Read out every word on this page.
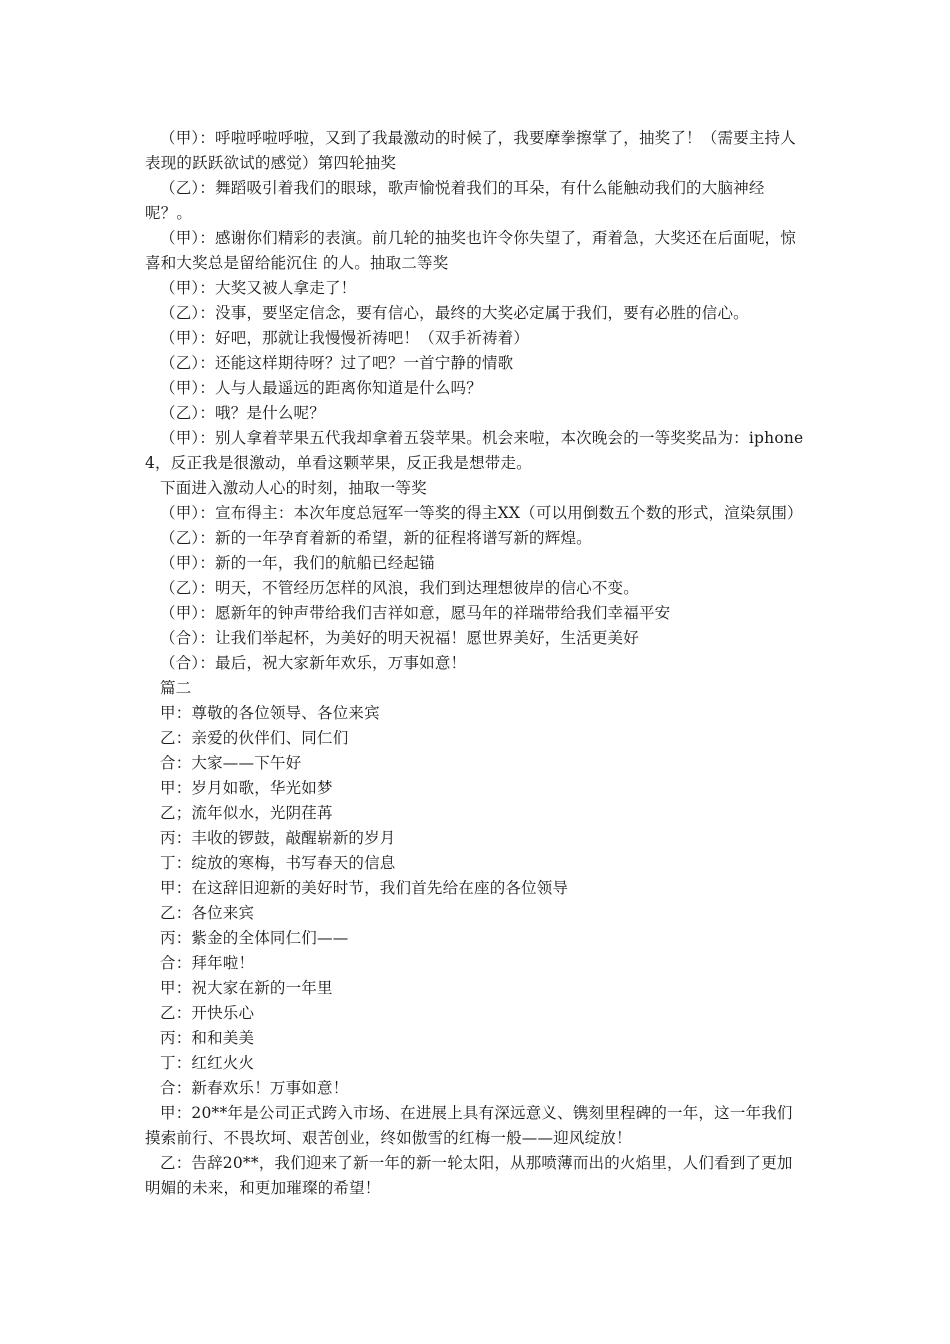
（甲）：呼啦呼啦呼啦，又到了我最激动的时候了，我要摩拳擦掌了，抽奖了！（需要主持人表现的跃跃欲试的感觉）第四轮抽奖

（乙）：舞蹈吸引着我们的眼球，歌声愉悦着我们的耳朵，有什么能触动我们的大脑神经呢？。

（甲）：感谢你们精彩的表演。前几轮的抽奖也许令你失望了，甭着急，大奖还在后面呢，惊喜和大奖总是留给能沉住 的人。抽取二等奖

（甲）：大奖又被人拿走了！

（乙）：没事，要坚定信念，要有信心，最终的大奖必定属于我们，要有必胜的信心。

（甲）：好吧，那就让我慢慢祈祷吧！（双手祈祷着）

（乙）：还能这样期待呀？过了吧？一首宁静的情歌

（甲）：人与人最遥远的距离你知道是什么吗？

（乙）：哦？是什么呢？

（甲）：别人拿着苹果五代我却拿着五袋苹果。机会来啦，本次晚会的一等奖奖品为：iphone4，反正我是很激动，单看这颗苹果，反正我是想带走。

下面进入激动人心的时刻，抽取一等奖

（甲）：宣布得主：本次年度总冠军一等奖的得主XX（可以用倒数五个数的形式，渲染氛围）

（乙）：新的一年孕育着新的希望，新的征程将谱写新的辉煌。

（甲）：新的一年，我们的航船已经起锚

（乙）：明天，不管经历怎样的风浪，我们到达理想彼岸的信心不变。

（甲）：愿新年的钟声带给我们吉祥如意，愿马年的祥瑞带给我们幸福平安

（合）：让我们举起杯，为美好的明天祝福！愿世界美好，生活更美好

（合）：最后，祝大家新年欢乐，万事如意！

篇二

甲：尊敬的各位领导、各位来宾

乙：亲爱的伙伴们、同仁们

合：大家——下午好

甲：岁月如歌，华光如梦

乙；流年似水，光阴荏苒

丙：丰收的锣鼓，敲醒崭新的岁月

丁：绽放的寒梅，书写春天的信息

甲：在这辞旧迎新的美好时节，我们首先给在座的各位领导

乙：各位来宾

丙：紫金的全体同仁们——

合：拜年啦！

甲：祝大家在新的一年里

乙：开快乐心

丙：和和美美

丁：红红火火

合：新春欢乐！万事如意！

甲：20**年是公司正式跨入市场、在进展上具有深远意义、镌刻里程碑的一年，这一年我们摸索前行、不畏坎坷、艰苦创业，终如傲雪的红梅一般——迎风绽放！

乙：告辞20**，我们迎来了新一年的新一轮太阳，从那喷薄而出的火焰里，人们看到了更加明媚的未来，和更加璀璨的希望！
